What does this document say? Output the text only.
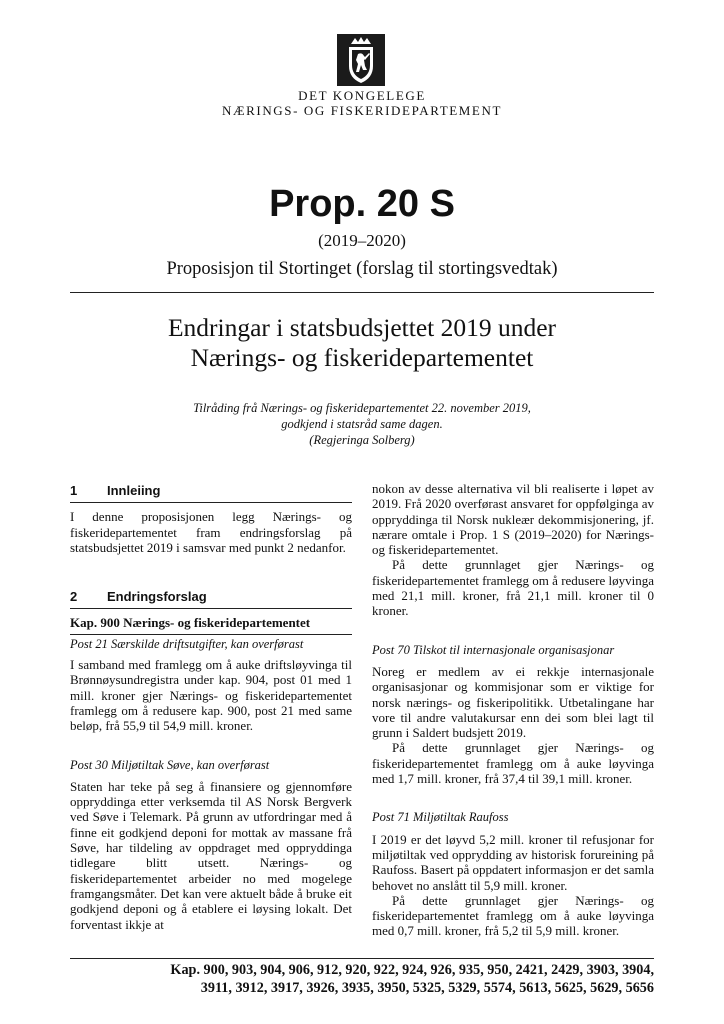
DET KONGELEGE
NÆRINGS- OG FISKERIDEPARTEMENT
Prop. 20 S
(2019–2020)
Proposisjon til Stortinget (forslag til stortingsvedtak)
Endringar i statsbudsjettet 2019 under
Nærings- og fiskeridepartementet
Tilråding frå Nærings- og fiskeridepartementet 22. november 2019,
godkjend i statsråd same dagen.
(Regjeringa Solberg)
1	Innleiing

I denne proposisjonen legg Nærings- og fiskeridepartementet fram endringsforslag på statsbudsjettet 2019 i samsvar med punkt 2 nedanfor.

2	Endringsforslag

Kap. 900 Nærings- og fiskeridepartementet

Post 21 Særskilde driftsutgifter, kan overførast

I samband med framlegg om å auke driftsløyvinga til Brønnøysundregistra under kap. 904, post 01 med 1 mill. kroner gjer Nærings- og fiskeridepartementet framlegg om å redusere kap. 900, post 21 med same beløp, frå 55,9 til 54,9 mill. kroner.

Post 30 Miljøtiltak Søve, kan overførast

Staten har teke på seg å finansiere og gjennomføre oppryddinga etter verksemda til AS Norsk Bergverk ved Søve i Telemark. På grunn av utfordringar med å finne eit godkjend deponi for mottak av massane frå Søve, har tildeling av oppdraget med oppryddinga tidlegare blitt utsett. Nærings- og fiskeridepartementet arbeider no med mogelege framgangsmåter. Det kan vere aktuelt både å bruke eit godkjend deponi og å etablere ei løysing lokalt. Det forventast ikkje at

nokon av desse alternativa vil bli realiserte i løpet av 2019. Frå 2020 overførast ansvaret for oppfølginga av oppryddinga til Norsk nukleær dekommisjonering, jf. nærare omtale i Prop. 1 S (2019–2020) for Nærings- og fiskeridepartementet.

På dette grunnlaget gjer Nærings- og fiskeridepartementet framlegg om å redusere løyvinga med 21,1 mill. kroner, frå 21,1 mill. kroner til 0 kroner.

Post 70 Tilskot til internasjonale organisasjonar

Noreg er medlem av ei rekkje internasjonale organisasjonar og kommisjonar som er viktige for norsk nærings- og fiskeripolitikk. Utbetalingane har vore til andre valutakursar enn dei som blei lagt til grunn i Saldert budsjett 2019.

På dette grunnlaget gjer Nærings- og fiskeridepartementet framlegg om å auke løyvinga med 1,7 mill. kroner, frå 37,4 til 39,1 mill. kroner.

Post 71 Miljøtiltak Raufoss

I 2019 er det løyvd 5,2 mill. kroner til refusjonar for miljøtiltak ved opprydding av historisk forureining på Raufoss. Basert på oppdatert informasjon er det samla behovet no anslått til 5,9 mill. kroner.

På dette grunnlaget gjer Nærings- og fiskeridepartementet framlegg om å auke løyvinga med 0,7 mill. kroner, frå 5,2 til 5,9 mill. kroner.

Kap. 900, 903, 904, 906, 912, 920, 922, 924, 926, 935, 950, 2421, 2429, 3903, 3904,
3911, 3912, 3917, 3926, 3935, 3950, 5325, 5329, 5574, 5613, 5625, 5629, 5656
